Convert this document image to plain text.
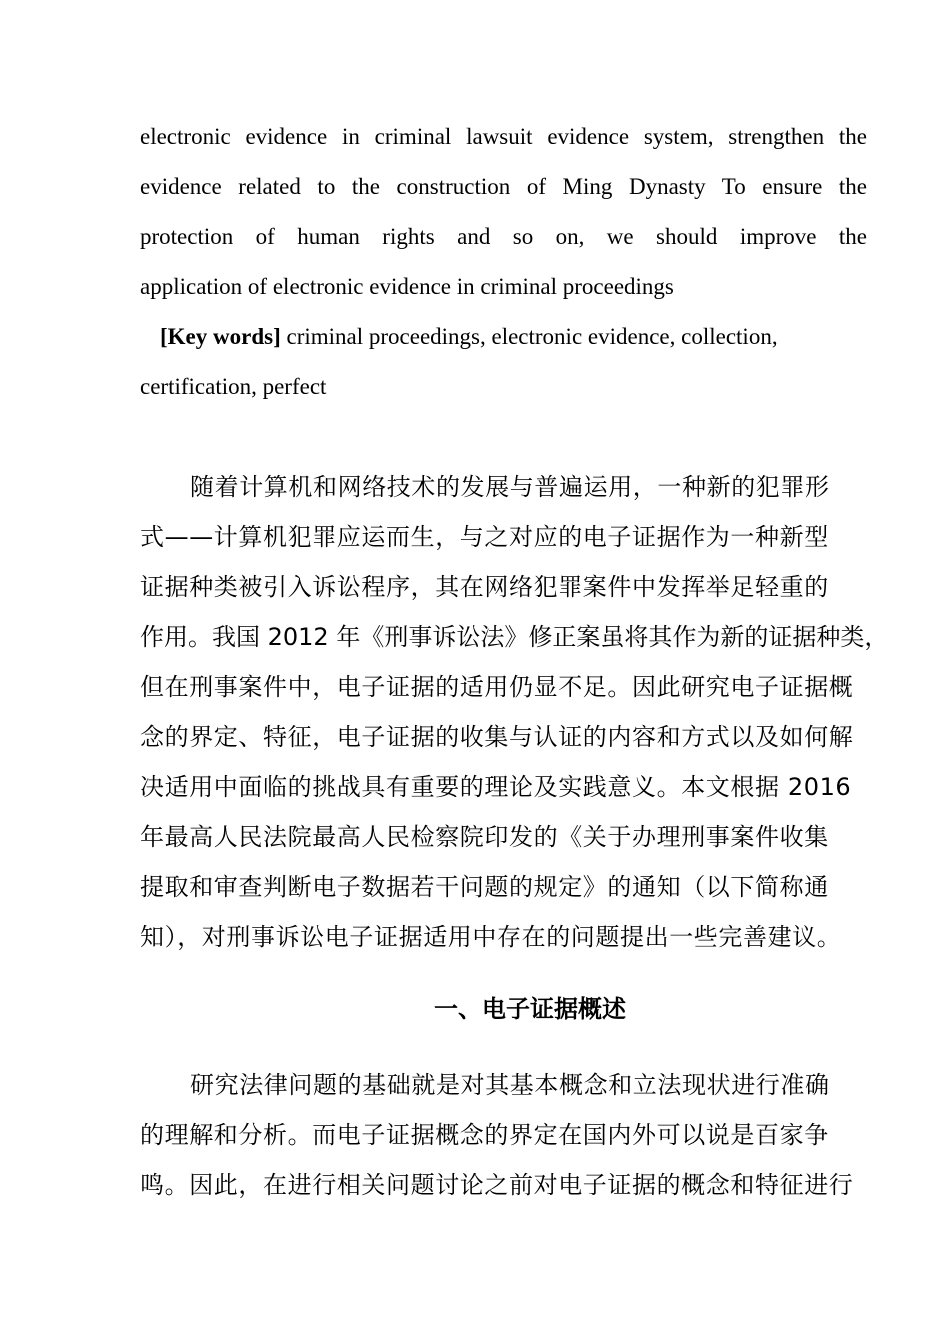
electronic evidence in criminal lawsuit evidence system, strengthen the
evidence related to the construction of Ming Dynasty To ensure the
protection of human rights and so on, we should improve the
application of electronic evidence in criminal proceedings
[Key words] criminal proceedings, electronic evidence, collection,
certification, perfect
随着计算机和网络技术的发展与普遍运用，一种新的犯罪形
式——计算机犯罪应运而生，与之对应的电子证据作为一种新型
证据种类被引入诉讼程序，其在网络犯罪案件中发挥举足轻重的
作用。我国 2012 年《刑事诉讼法》修正案虽将其作为新的证据种类，
但在刑事案件中，电子证据的适用仍显不足。因此研究电子证据概
念的界定、特征，电子证据的收集与认证的内容和方式以及如何解
决适用中面临的挑战具有重要的理论及实践意义。本文根据 2016
年最高人民法院最高人民检察院印发的《关于办理刑事案件收集
提取和审查判断电子数据若干问题的规定》的通知（以下简称通
知），对刑事诉讼电子证据适用中存在的问题提出一些完善建议。
一、电子证据概述
研究法律问题的基础就是对其基本概念和立法现状进行准确
的理解和分析。而电子证据概念的界定在国内外可以说是百家争
鸣。因此，在进行相关问题讨论之前对电子证据的概念和特征进行
